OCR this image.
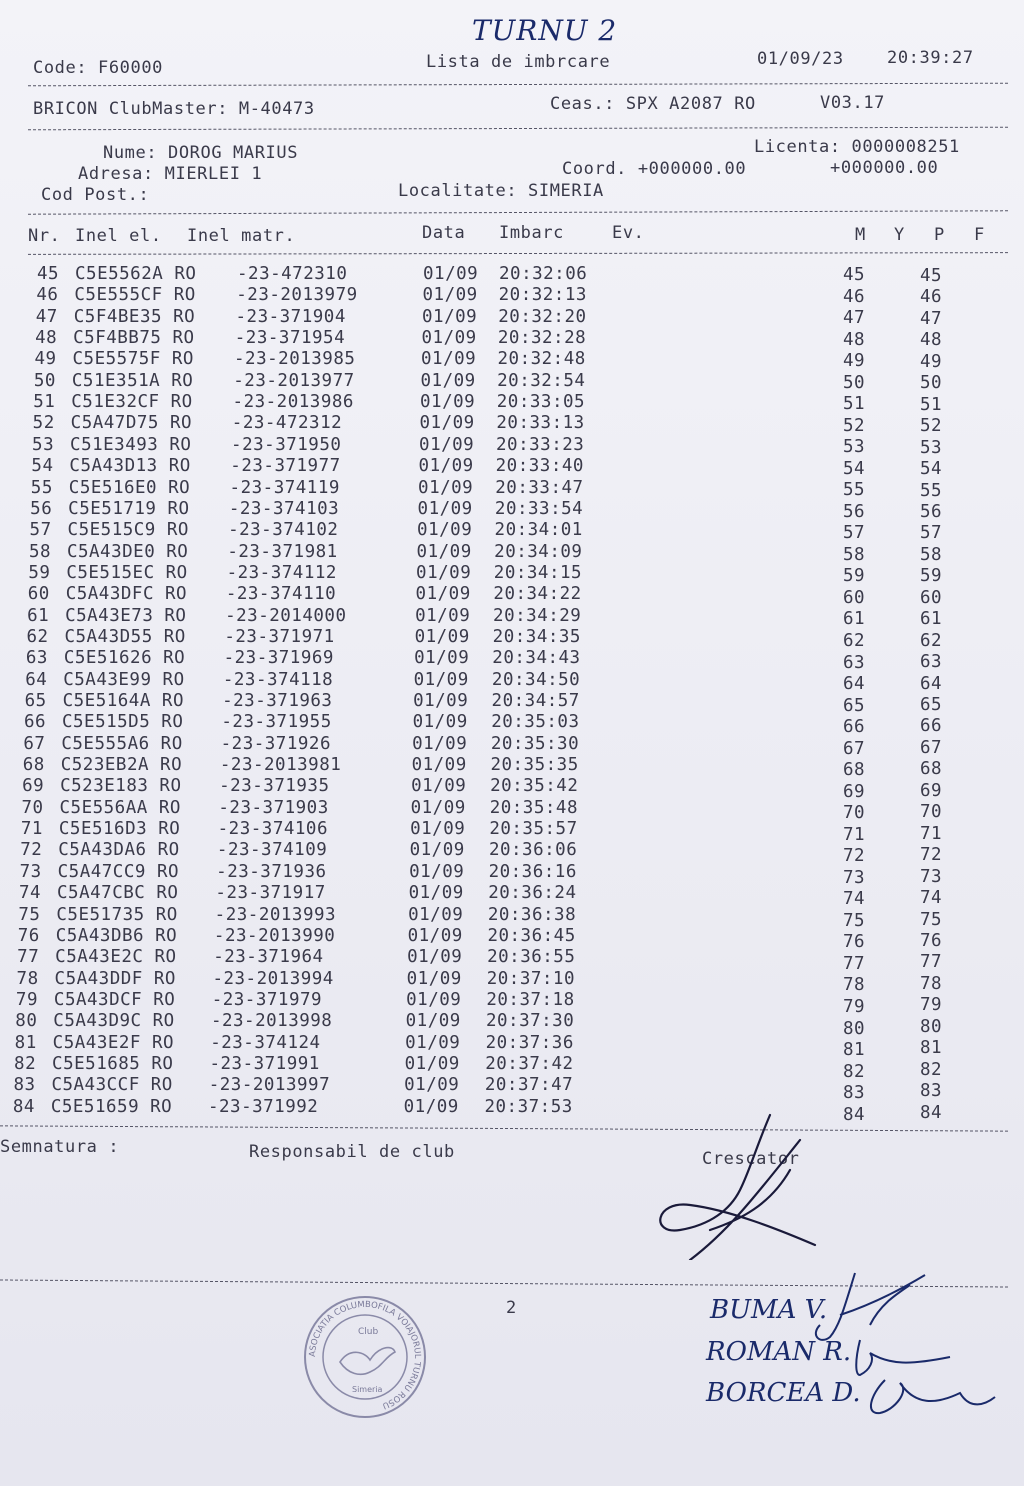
TURNU 2
Code: F60000	Lista de imbrcare	01/09/23	20:39:27
BRICON ClubMaster: M-40473	Ceas.: SPX A2087 RO	V03.17
Nume: DOROG MARIUS	Licenta: 0000008251
Adresa: MIERLEI 1	Coord. +000000.00	+000000.00
Cod Post.:	Localitate: SIMERIA
Nr. Inel el. Inel matr.	Data Imbarc	Ev.	M Y P F
45 C5E5562A RO -23-472310	01/09 20:32:06	45	45
46 C5E555CF RO -23-2013979	01/09 20:32:13	46	46
47 C5F4BE35 RO -23-371904	01/09 20:32:20	47	47
48 C5F4BB75 RO -23-371954	01/09 20:32:28	48	48
49 C5E5575F RO -23-2013985	01/09 20:32:48	49	49
50 C51E351A RO -23-2013977	01/09 20:32:54	50	50
51 C51E32CF RO -23-2013986	01/09 20:33:05	51	51
52 C5A47D75 RO -23-472312	01/09 20:33:13	52	52
53 C51E3493 RO -23-371950	01/09 20:33:23	53	53
54 C5A43D13 RO -23-371977	01/09 20:33:40	54	54
55 C5E516E0 RO -23-374119	01/09 20:33:47	55	55
56 C5E51719 RO -23-374103	01/09 20:33:54	56	56
57 C5E515C9 RO -23-374102	01/09 20:34:01	57	57
58 C5A43DE0 RO -23-371981	01/09 20:34:09	58	58
59 C5E515EC RO -23-374112	01/09 20:34:15	59	59
60 C5A43DFC RO -23-374110	01/09 20:34:22	60	60
61 C5A43E73 RO -23-2014000	01/09 20:34:29	61	61
62 C5A43D55 RO -23-371971	01/09 20:34:35	62	62
63 C5E51626 RO -23-371969	01/09 20:34:43	63	63
64 C5A43E99 RO -23-374118	01/09 20:34:50	64	64
65 C5E5164A RO -23-371963	01/09 20:34:57	65	65
66 C5E515D5 RO -23-371955	01/09 20:35:03	66	66
67 C5E555A6 RO -23-371926	01/09 20:35:30	67	67
68 C523EB2A RO -23-2013981	01/09 20:35:35	68	68
69 C523E183 RO -23-371935	01/09 20:35:42	69	69
70 C5E556AA RO -23-371903	01/09 20:35:48	70	70
71 C5E516D3 RO -23-374106	01/09 20:35:57	71	71
72 C5A43DA6 RO -23-374109	01/09 20:36:06	72	72
73 C5A47CC9 RO -23-371936	01/09 20:36:16	73	73
74 C5A47CBC RO -23-371917	01/09 20:36:24	74	74
75 C5E51735 RO -23-2013993	01/09 20:36:38	75	75
76 C5A43DB6 RO -23-2013990	01/09 20:36:45	76	76
77 C5A43E2C RO -23-371964	01/09 20:36:55	77	77
78 C5A43DDF RO -23-2013994	01/09 20:37:10	78	78
79 C5A43DCF RO -23-371979	01/09 20:37:18	79	79
80 C5A43D9C RO -23-2013998	01/09 20:37:30	80	80
81 C5A43E2F RO -23-374124	01/09 20:37:36	81	81
82 C5E51685 RO -23-371991	01/09 20:37:42	82	82
83 C5A43CCF RO -23-2013997	01/09 20:37:47	83	83
84 C5E51659 RO -23-371992	01/09 20:37:53	84	84
Semnatura :	Responsabil de club	Crescator
2
ASOCIATIA COLUMBOFILA VOIAJORUL TURNU ROSU
Club
Simeria
BUMA V.
ROMAN R.
BORCEA D.
